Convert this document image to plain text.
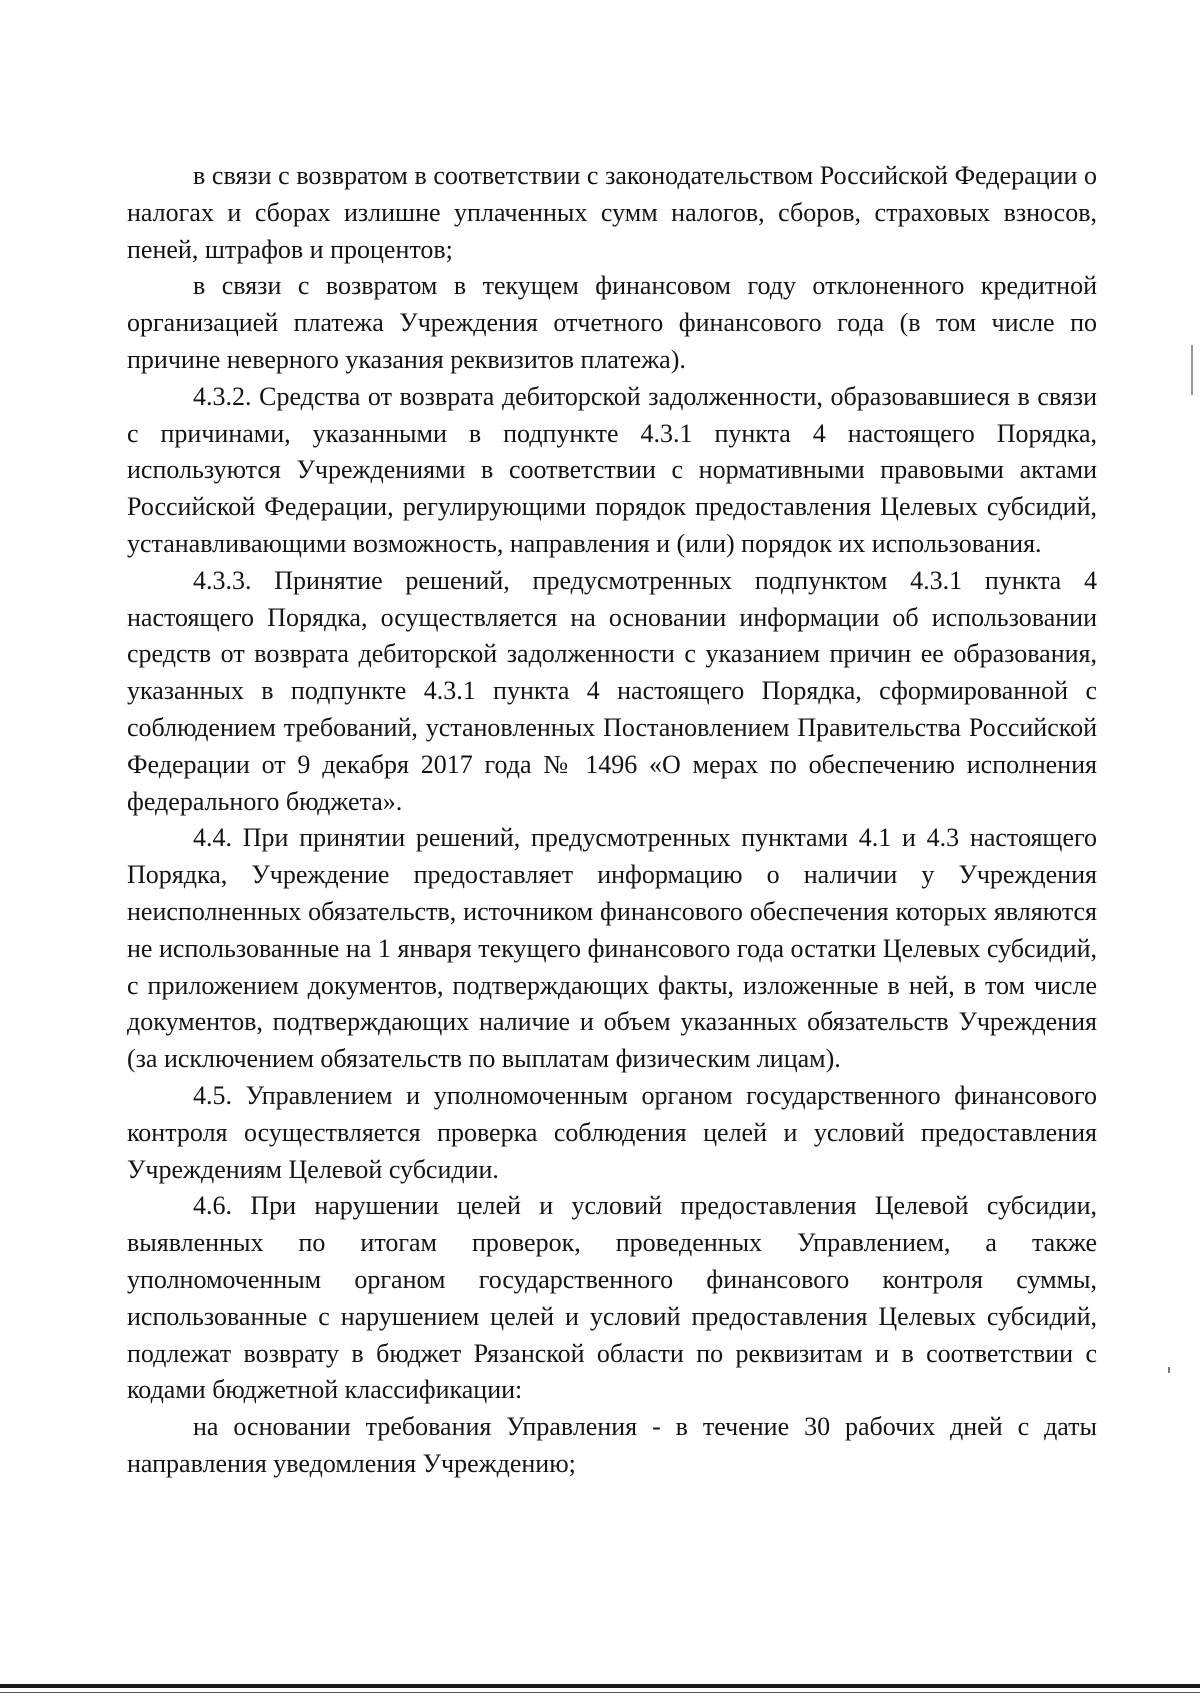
в связи с возвратом в соответствии с законодательством Российской Федерации о налогах и сборах излишне уплаченных сумм налогов, сборов, страховых взносов, пеней, штрафов и процентов;

в связи с возвратом в текущем финансовом году отклоненного кредитной организацией платежа Учреждения отчетного финансового года (в том числе по причине неверного указания реквизитов платежа).

4.3.2. Средства от возврата дебиторской задолженности, образовавшиеся в связи с причинами, указанными в подпункте 4.3.1 пункта 4 настоящего Порядка, используются Учреждениями в соответствии с нормативными правовыми актами Российской Федерации, регулирующими порядок предоставления Целевых субсидий, устанавливающими возможность, направления и (или) порядок их использования.

4.3.3. Принятие решений, предусмотренных подпунктом 4.3.1 пункта 4 настоящего Порядка, осуществляется на основании информации об использовании средств от возврата дебиторской задолженности с указанием причин ее образования, указанных в подпункте 4.3.1 пункта 4 настоящего Порядка, сформированной с соблюдением требований, установленных Постановлением Правительства Российской Федерации от 9 декабря 2017 года № 1496 «О мерах по обеспечению исполнения федерального бюджета».

4.4. При принятии решений, предусмотренных пунктами 4.1 и 4.3 настоящего Порядка, Учреждение предоставляет информацию о наличии у Учреждения неисполненных обязательств, источником финансового обеспечения которых являются не использованные на 1 января текущего финансового года остатки Целевых субсидий, с приложением документов, подтверждающих факты, изложенные в ней, в том числе документов, подтверждающих наличие и объем указанных обязательств Учреждения (за исключением обязательств по выплатам физическим лицам).

4.5. Управлением и уполномоченным органом государственного финансового контроля осуществляется проверка соблюдения целей и условий предоставления Учреждениям Целевой субсидии.

4.6. При нарушении целей и условий предоставления Целевой субсидии, выявленных по итогам проверок, проведенных Управлением, а также уполномоченным органом государственного финансового контроля суммы, использованные с нарушением целей и условий предоставления Целевых субсидий, подлежат возврату в бюджет Рязанской области по реквизитам и в соответствии с кодами бюджетной классификации:

на основании требования Управления - в течение 30 рабочих дней с даты направления уведомления Учреждению;
